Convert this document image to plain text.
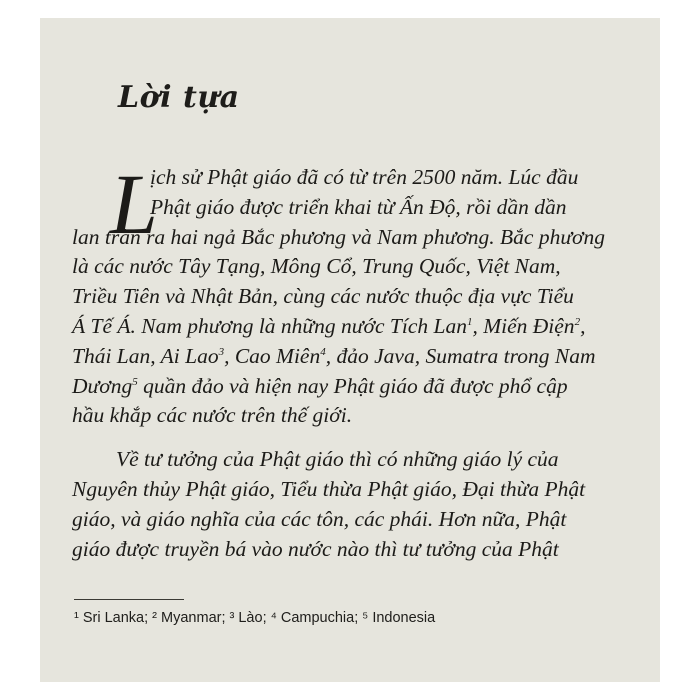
Lời tựa
L
ịch sử Phật giáo đã có từ trên 2500 năm. Lúc đầu
Phật giáo được triển khai từ Ấn Độ, rồi dần dần
lan tràn ra hai ngả Bắc phương và Nam phương. Bắc phương
là các nước Tây Tạng, Mông Cổ, Trung Quốc, Việt Nam,
Triều Tiên và Nhật Bản, cùng các nước thuộc địa vực Tiểu
Á Tế Á. Nam phương là những nước Tích Lan$^1$, Miến Điện$^2$,
Thái Lan, Ai Lao$^3$, Cao Miên$^4$, đảo Java, Sumatra trong Nam
Dương$^5$ quần đảo và hiện nay Phật giáo đã được phổ cập
hầu khắp các nước trên thế giới.
Về tư tưởng của Phật giáo thì có những giáo lý của
Nguyên thủy Phật giáo, Tiểu thừa Phật giáo, Đại thừa Phật
giáo, và giáo nghĩa của các tôn, các phái. Hơn nữa, Phật
giáo được truyền bá vào nước nào thì tư tưởng của Phật
¹ Sri Lanka; ² Myanmar; ³ Lào; ⁴ Campuchia; ⁵ Indonesia
